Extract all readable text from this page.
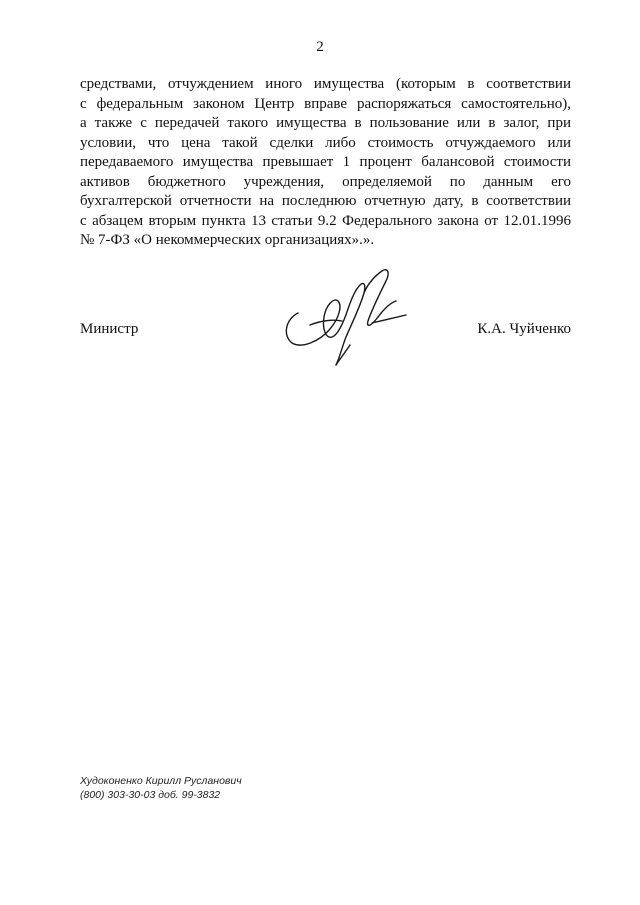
2
средствами, отчуждением иного имущества (которым в соответствии
с федеральным законом Центр вправе распоряжаться самостоятельно),
а также с передачей такого имущества в пользование или в залог, при
условии, что цена такой сделки либо стоимость отчуждаемого или
передаваемого имущества превышает 1 процент балансовой стоимости
активов бюджетного учреждения, определяемой по данным его
бухгалтерской отчетности на последнюю отчетную дату, в соответствии
с абзацем вторым пункта 13 статьи 9.2 Федерального закона от 12.01.1996
№ 7-ФЗ «О некоммерческих организациях».».
Министр	К.А. Чуйченко
Худоконенко Кирилл Русланович
(800) 303-30-03 доб. 99-3832
